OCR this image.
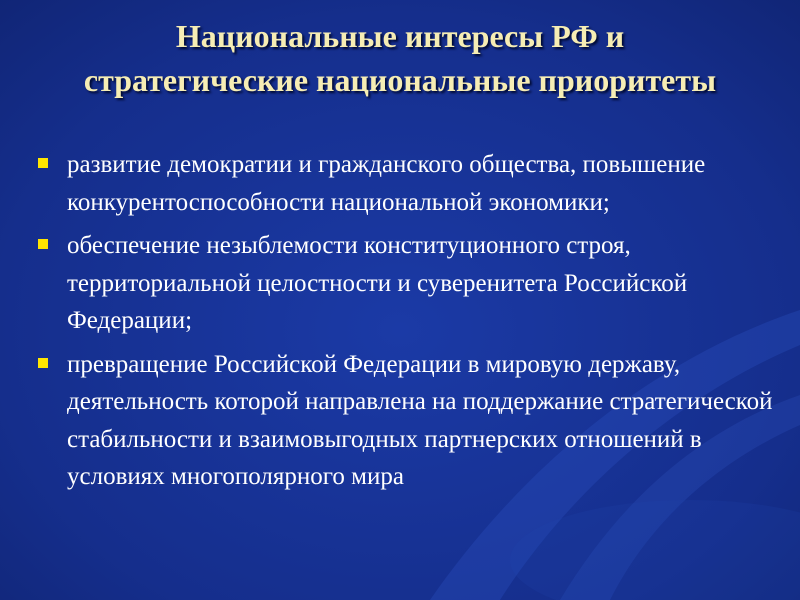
Национальные интересы РФ и
стратегические национальные приоритеты
развитие демократии и гражданского общества, повышение конкурентоспособности национальной экономики;
обеспечение незыблемости конституционного строя, территориальной целостности и суверенитета Российской Федерации;
превращение Российской Федерации в мировую державу, деятельность которой направлена на поддержание стратегической стабильности и взаимовыгодных партнерских отношений в условиях многополярного мира
